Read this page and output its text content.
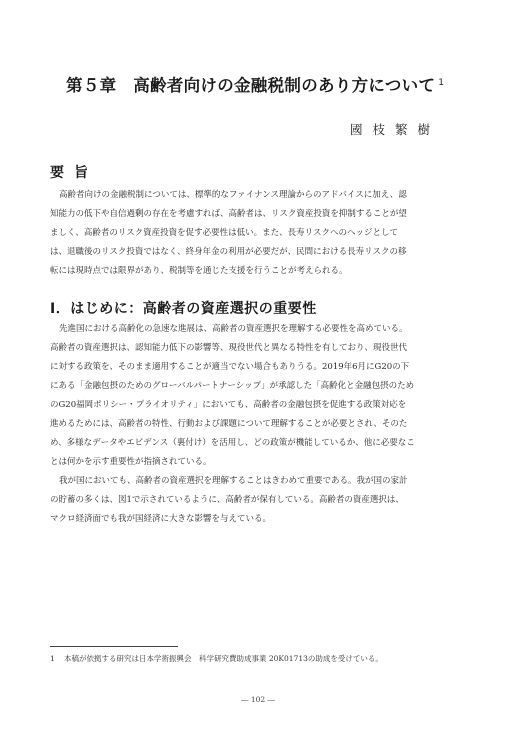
第５章　高齢者向けの金融税制のあり方について $^1$
國枝繁樹
要旨
高齢者向けの金融税制については、標準的なファイナンス理論からのアドバイスに加え、認
知能力の低下や自信過剰の存在を考慮すれば、高齢者は、リスク資産投資を抑制することが望
ましく、高齢者のリスク資産投資を促す必要性は低い。また、長寿リスクへのヘッジとして
は、退職後のリスク投資ではなく、終身年金の利用が必要だが、民間における長寿リスクの移
転には現時点では限界があり、税制等を通じた支援を行うことが考えられる。
Ⅰ．はじめに：高齢者の資産選択の重要性
先進国における高齢化の急速な進展は、高齢者の資産選択を理解する必要性を高めている。
高齢者の資産選択は、認知能力低下の影響等、現役世代と異なる特性を有しており、現役世代
に対する政策を、そのまま適用することが適当でない場合もありうる。2019年6月にG20の下
にある「金融包摂のためのグローバルパートナーシップ」が承認した「高齢化と金融包摂のため
のG20福岡ポリシー・プライオリティ」においても、高齢者の金融包摂を促進する政策対応を
進めるためには、高齢者の特性、行動および課題について理解することが必要とされ、そのた
め、多様なデータやエビデンス（裏付け）を活用し、どの政策が機能しているか、他に必要なこ
とは何かを示す重要性が指摘されている。
我が国においても、高齢者の資産選択を理解することはきわめて重要である。我が国の家計
の貯蓄の多くは、図1で示されているように、高齢者が保有している。高齢者の資産選択は、
マクロ経済面でも我が国経済に大きな影響を与えている。
1 本稿が依拠する研究は日本学術振興会　科学研究費助成事業 20K01713の助成を受けている。
― 102 ―
